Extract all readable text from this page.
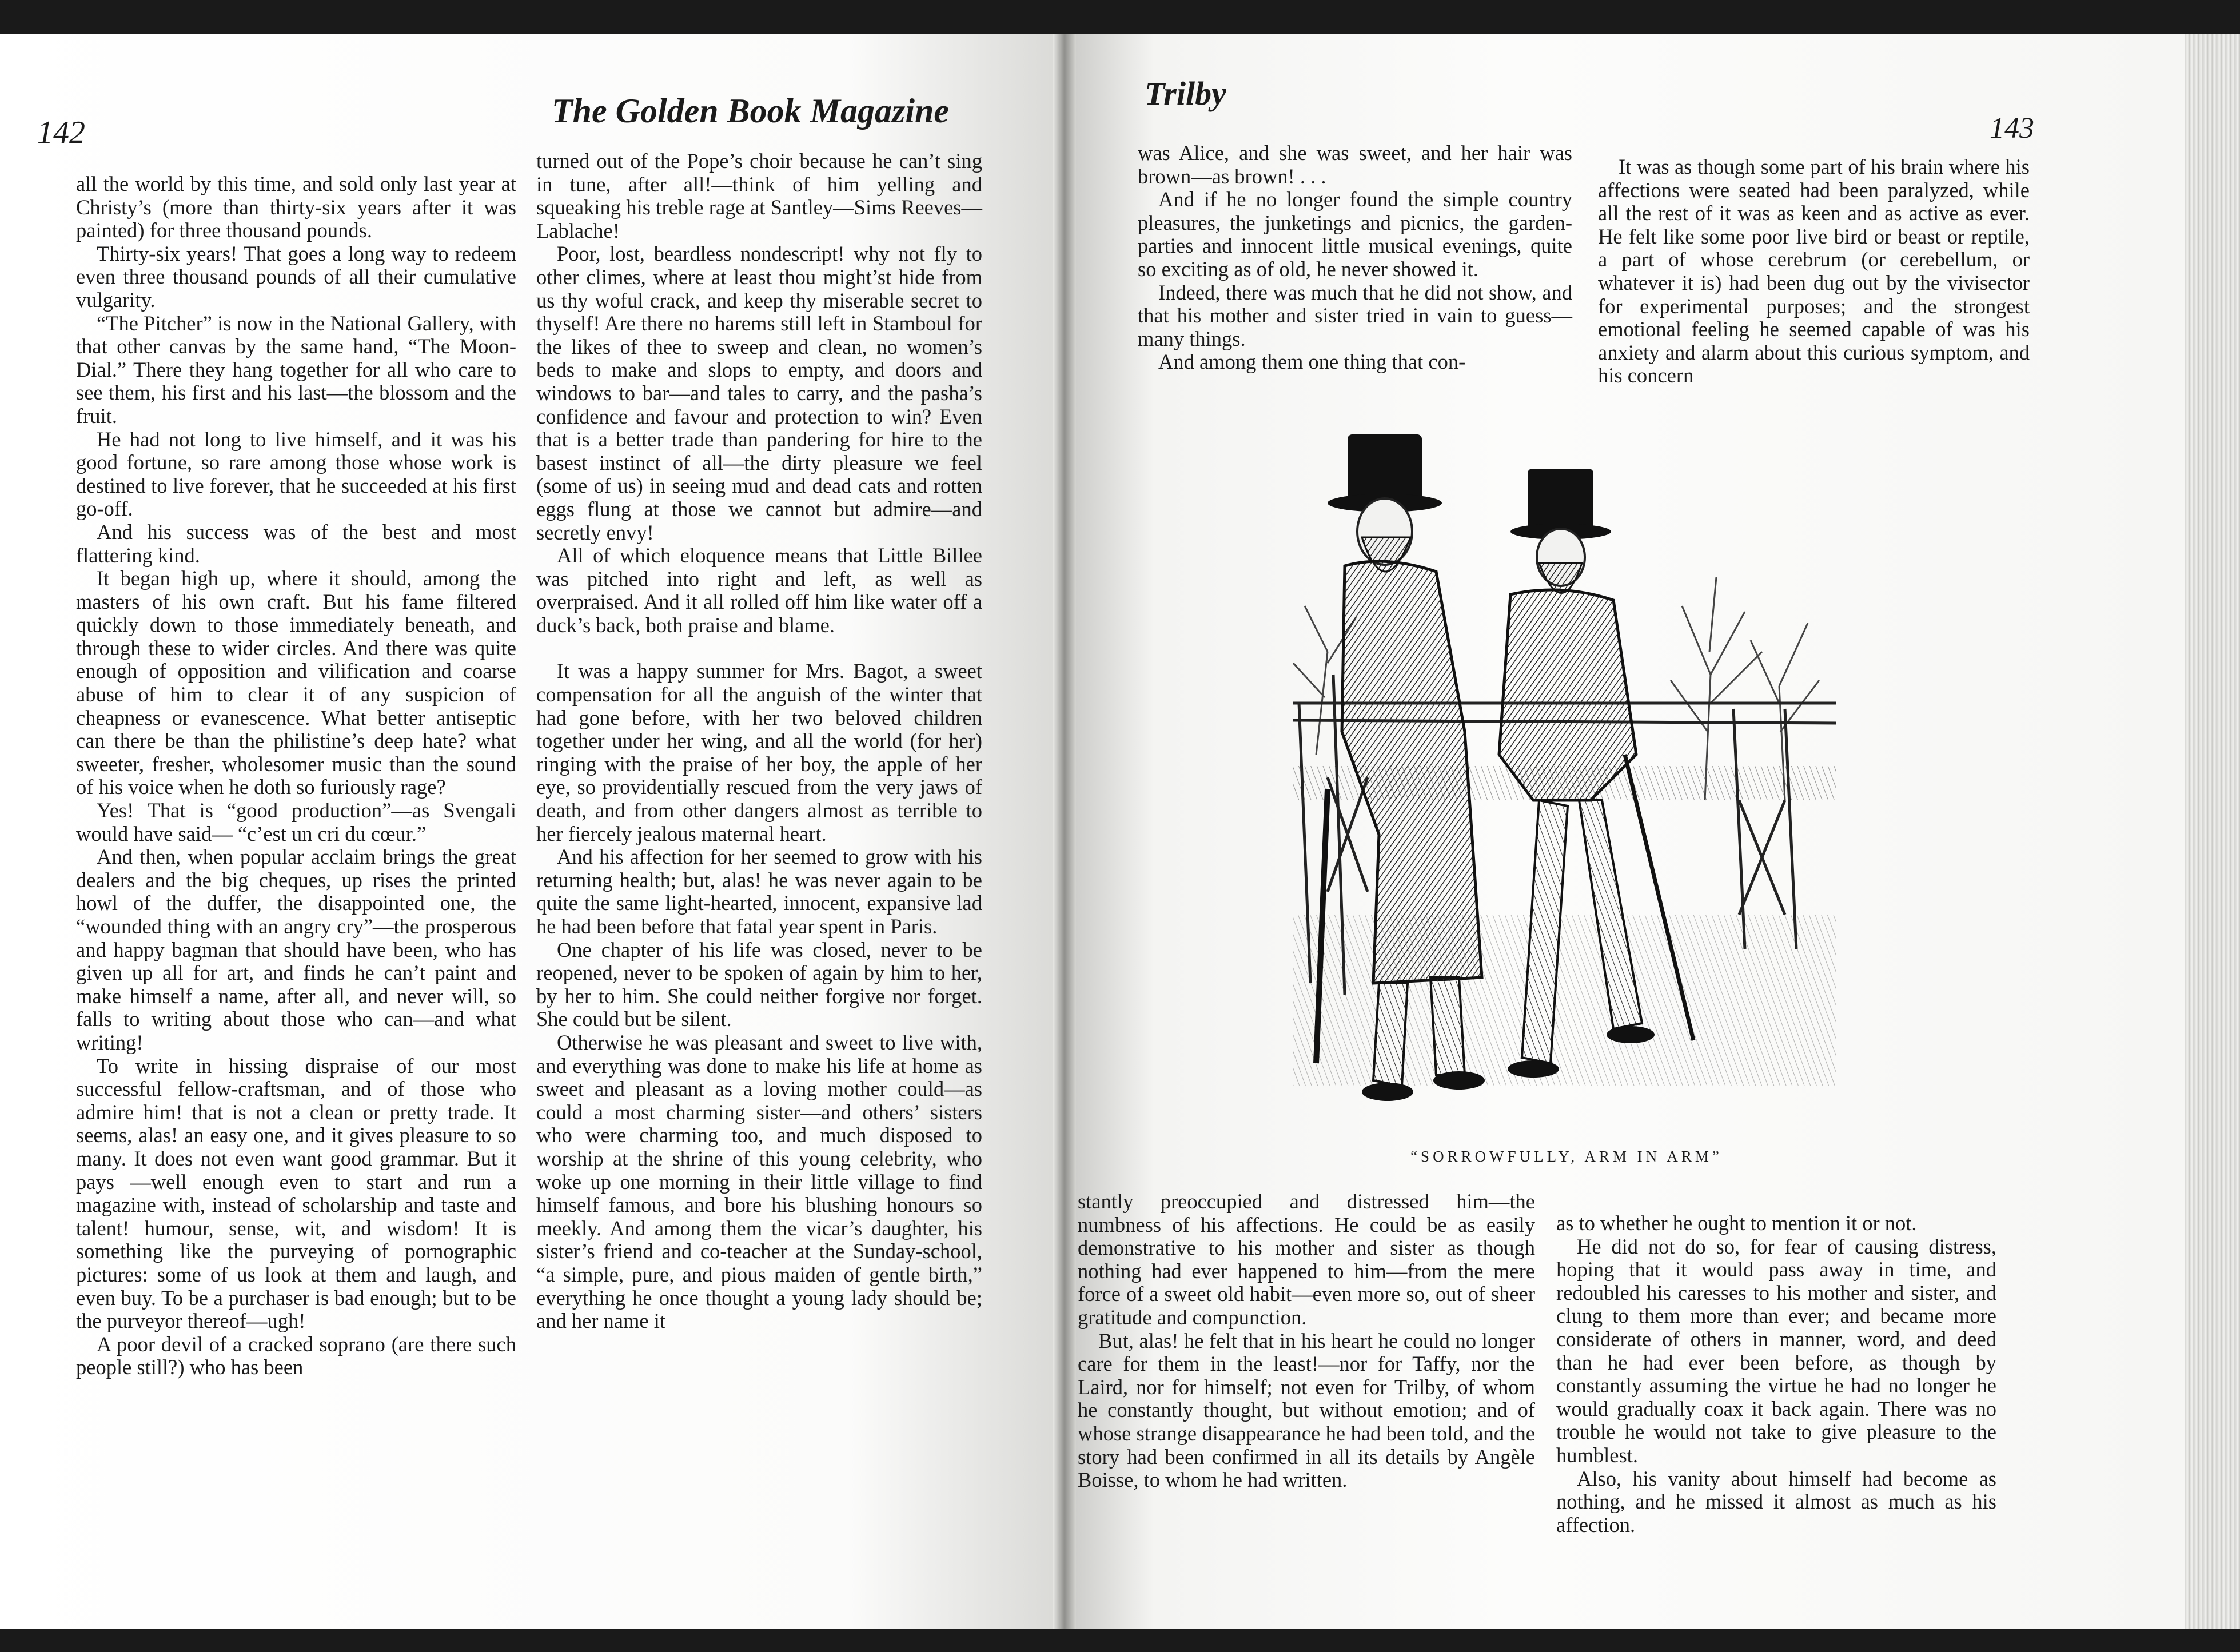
142
The Golden Book Magazine

all the world by this time, and sold only last year at Christy’s (more than thirty-six years after it was painted) for three thousand pounds.

Thirty-six years! That goes a long way to redeem even three thousand pounds of all their cumulative vulgarity.

“The Pitcher” is now in the National Gallery, with that other canvas by the same hand, “The Moon-Dial.” There they hang together for all who care to see them, his first and his last—the blossom and the fruit.

He had not long to live himself, and it was his good fortune, so rare among those whose work is destined to live forever, that he succeeded at his first go-off.

And his success was of the best and most flattering kind.

It began high up, where it should, among the masters of his own craft. But his fame filtered quickly down to those immediately beneath, and through these to wider circles. And there was quite enough of opposition and vilification and coarse abuse of him to clear it of any suspicion of cheapness or evanescence. What better antiseptic can there be than the philistine’s deep hate? what sweeter, fresher, wholesomer music than the sound of his voice when he doth so furiously rage?

Yes! That is “good production”—as Svengali would have said— “c’est un cri du cœur.”

And then, when popular acclaim brings the great dealers and the big cheques, up rises the printed howl of the duffer, the disappointed one, the “wounded thing with an angry cry”—the prosperous and happy bagman that should have been, who has given up all for art, and finds he can’t paint and make himself a name, after all, and never will, so falls to writing about those who can—and what writing!

To write in hissing dispraise of our most successful fellow-craftsman, and of those who admire him! that is not a clean or pretty trade. It seems, alas! an easy one, and it gives pleasure to so many. It does not even want good grammar. But it pays —well enough even to start and run a magazine with, instead of scholarship and taste and talent! humour, sense, wit, and wisdom! It is something like the purveying of pornographic pictures: some of us look at them and laugh, and even buy. To be a purchaser is bad enough; but to be the purveyor thereof—ugh!

A poor devil of a cracked soprano (are there such people still?) who has been

turned out of the Pope’s choir because he can’t sing in tune, after all!—think of him yelling and squeaking his treble rage at Santley—Sims Reeves—Lablache!

Poor, lost, beardless nondescript! why not fly to other climes, where at least thou might’st hide from us thy woful crack, and keep thy miserable secret to thyself! Are there no harems still left in Stamboul for the likes of thee to sweep and clean, no women’s beds to make and slops to empty, and doors and windows to bar—and tales to carry, and the pasha’s confidence and favour and protection to win? Even that is a better trade than pandering for hire to the basest instinct of all—the dirty pleasure we feel (some of us) in seeing mud and dead cats and rotten eggs flung at those we cannot but admire—and secretly envy!

All of which eloquence means that Little Billee was pitched into right and left, as well as overpraised. And it all rolled off him like water off a duck’s back, both praise and blame.

It was a happy summer for Mrs. Bagot, a sweet compensation for all the anguish of the winter that had gone before, with her two beloved children together under her wing, and all the world (for her) ringing with the praise of her boy, the apple of her eye, so providentially rescued from the very jaws of death, and from other dangers almost as terrible to her fiercely jealous maternal heart.

And his affection for her seemed to grow with his returning health; but, alas! he was never again to be quite the same light-hearted, innocent, expansive lad he had been before that fatal year spent in Paris.

One chapter of his life was closed, never to be reopened, never to be spoken of again by him to her, by her to him. She could neither forgive nor forget. She could but be silent.

Otherwise he was pleasant and sweet to live with, and everything was done to make his life at home as sweet and pleasant as a loving mother could—as could a most charming sister—and others’ sisters who were charming too, and much disposed to worship at the shrine of this young celebrity, who woke up one morning in their little village to find himself famous, and bore his blushing honours so meekly. And among them the vicar’s daughter, his sister’s friend and co-teacher at the Sunday-school, “a simple, pure, and pious maiden of gentle birth,” everything he once thought a young lady should be; and her name it

Trilby
143

was Alice, and she was sweet, and her hair was brown—as brown! . . .

And if he no longer found the simple country pleasures, the junketings and picnics, the garden-parties and innocent little musical evenings, quite so exciting as of old, he never showed it.

Indeed, there was much that he did not show, and that his mother and sister tried in vain to guess—many things.

And among them one thing that con-

It was as though some part of his brain where his affections were seated had been paralyzed, while all the rest of it was as keen and as active as ever. He felt like some poor live bird or beast or reptile, a part of whose cerebrum (or cerebellum, or whatever it is) had been dug out by the vivisector for experimental purposes; and the strongest emotional feeling he seemed capable of was his anxiety and alarm about this curious symptom, and his concern

“SORROWFULLY, ARM IN ARM”

stantly preoccupied and distressed him—the numbness of his affections. He could be as easily demonstrative to his mother and sister as though nothing had ever happened to him—from the mere force of a sweet old habit—even more so, out of sheer gratitude and compunction.

But, alas! he felt that in his heart he could no longer care for them in the least!—nor for Taffy, nor the Laird, nor for himself; not even for Trilby, of whom he constantly thought, but without emotion; and of whose strange disappearance he had been told, and the story had been confirmed in all its details by Angèle Boisse, to whom he had written.

as to whether he ought to mention it or not.

He did not do so, for fear of causing distress, hoping that it would pass away in time, and redoubled his caresses to his mother and sister, and clung to them more than ever; and became more considerate of others in manner, word, and deed than he had ever been before, as though by constantly assuming the virtue he had no longer he would gradually coax it back again. There was no trouble he would not take to give pleasure to the humblest.

Also, his vanity about himself had become as nothing, and he missed it almost as much as his affection.
